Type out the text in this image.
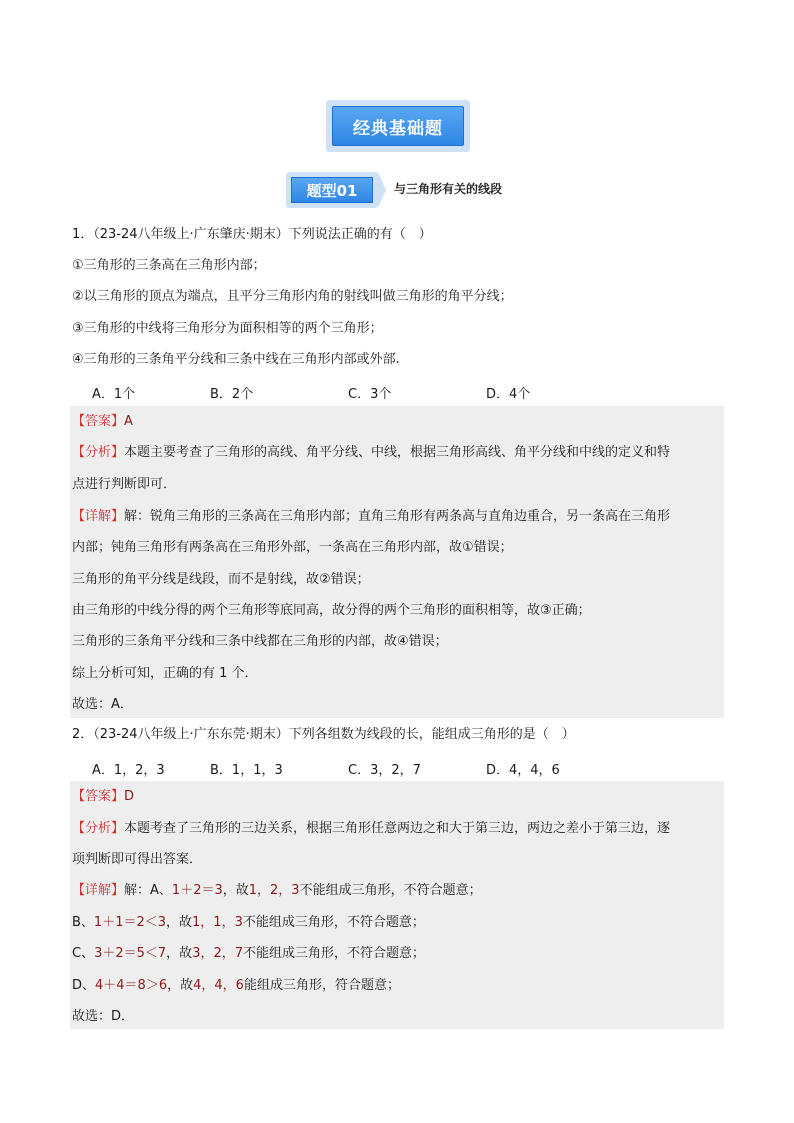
经典基础题
题型01	与三角形有关的线段
1．（23-24八年级上·广东肇庆·期末）下列说法正确的有（　）
①三角形的三条高在三角形内部；
②以三角形的顶点为端点，且平分三角形内角的射线叫做三角形的角平分线；
③三角形的中线将三角形分为面积相等的两个三角形；
④三角形的三条角平分线和三条中线在三角形内部或外部.
A．1个	B．2个	C．3个	D．4个
【答案】A
【分析】本题主要考查了三角形的高线、角平分线、中线，根据三角形高线、角平分线和中线的定义和特
点进行判断即可．
【详解】解：锐角三角形的三条高在三角形内部；直角三角形有两条高与直角边重合，另一条高在三角形
内部；钝角三角形有两条高在三角形外部，一条高在三角形内部，故①错误；
三角形的角平分线是线段，而不是射线，故②错误；
由三角形的中线分得的两个三角形等底同高，故分得的两个三角形的面积相等，故③正确；
三角形的三条角平分线和三条中线都在三角形的内部，故④错误；
综上分析可知，正确的有 1 个．
故选：A．
2．（23-24八年级上·广东东莞·期末）下列各组数为线段的长，能组成三角形的是（　）
A．1，2，3	B．1，1，3	C．3，2，7	D．4，4，6
【答案】D
【分析】本题考查了三角形的三边关系，根据三角形任意两边之和大于第三边，两边之差小于第三边，逐
项判断即可得出答案．
【详解】解：A、1＋2＝3，故1，2，3不能组成三角形，不符合题意；
B、1＋1＝2＜3，故1，1，3不能组成三角形，不符合题意；
C、3＋2＝5＜7，故3，2，7不能组成三角形，不符合题意；
D、4＋4＝8＞6，故4，4，6能组成三角形，符合题意；
故选：D．
